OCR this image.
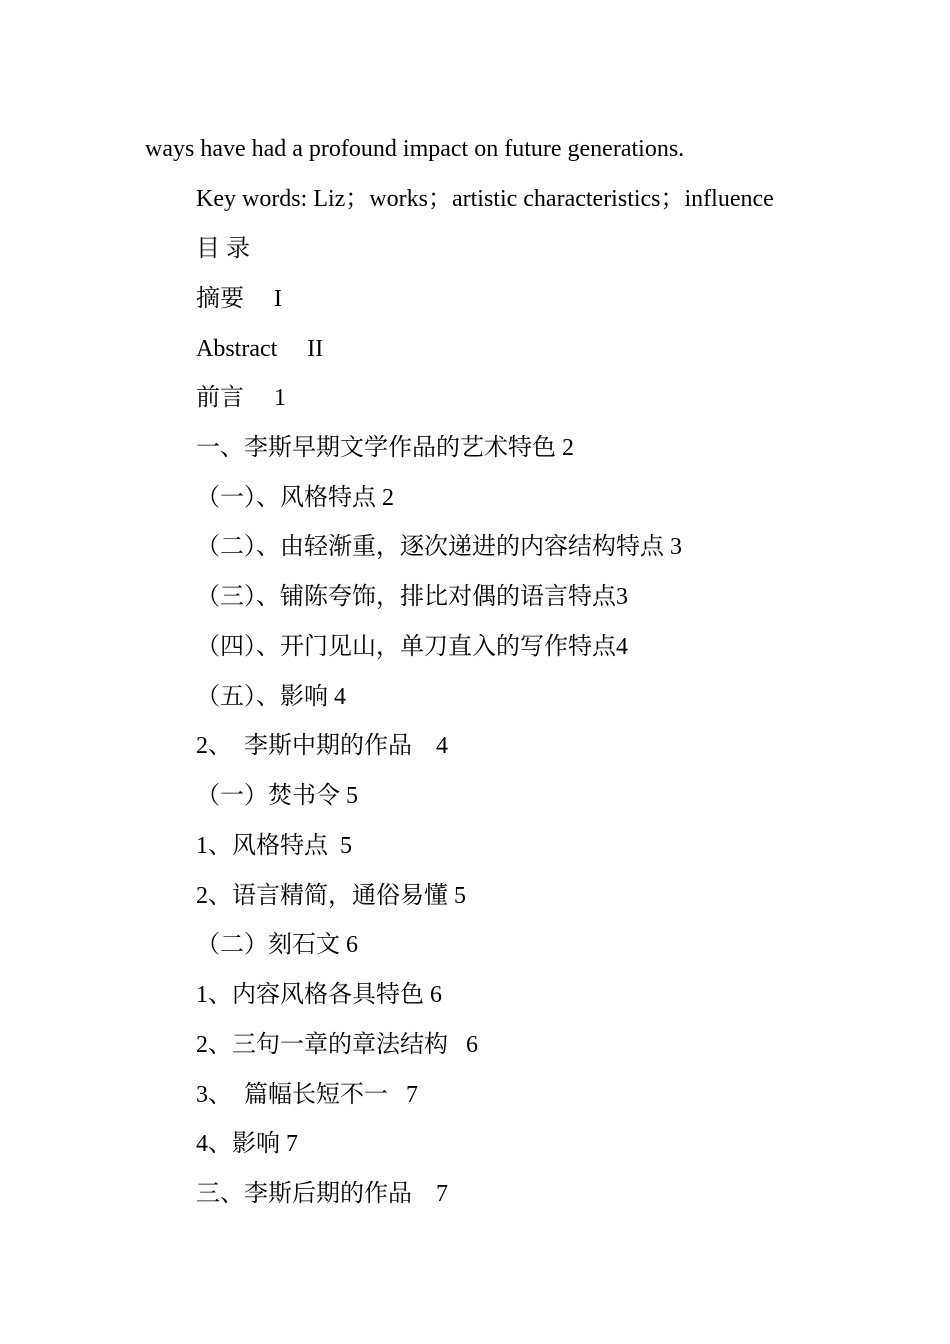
ways have had a profound impact on future generations.
Key words: Liz；works；artistic characteristics；influence
目 录
摘要     I
Abstract     II
前言     1
一、李斯早期文学作品的艺术特色 2
（一）、风格特点 2
（二）、由轻渐重，逐次递进的内容结构特点 3
（三）、铺陈夸饰，排比对偶的语言特点3
（四）、开门见山，单刀直入的写作特点4
（五）、影响 4
2、  李斯中期的作品    4
（一）焚书令 5
1、风格特点  5
2、语言精简，通俗易懂 5
（二）刻石文 6
1、内容风格各具特色 6
2、三句一章的章法结构   6
3、  篇幅长短不一   7
4、影响 7
三、李斯后期的作品    7
